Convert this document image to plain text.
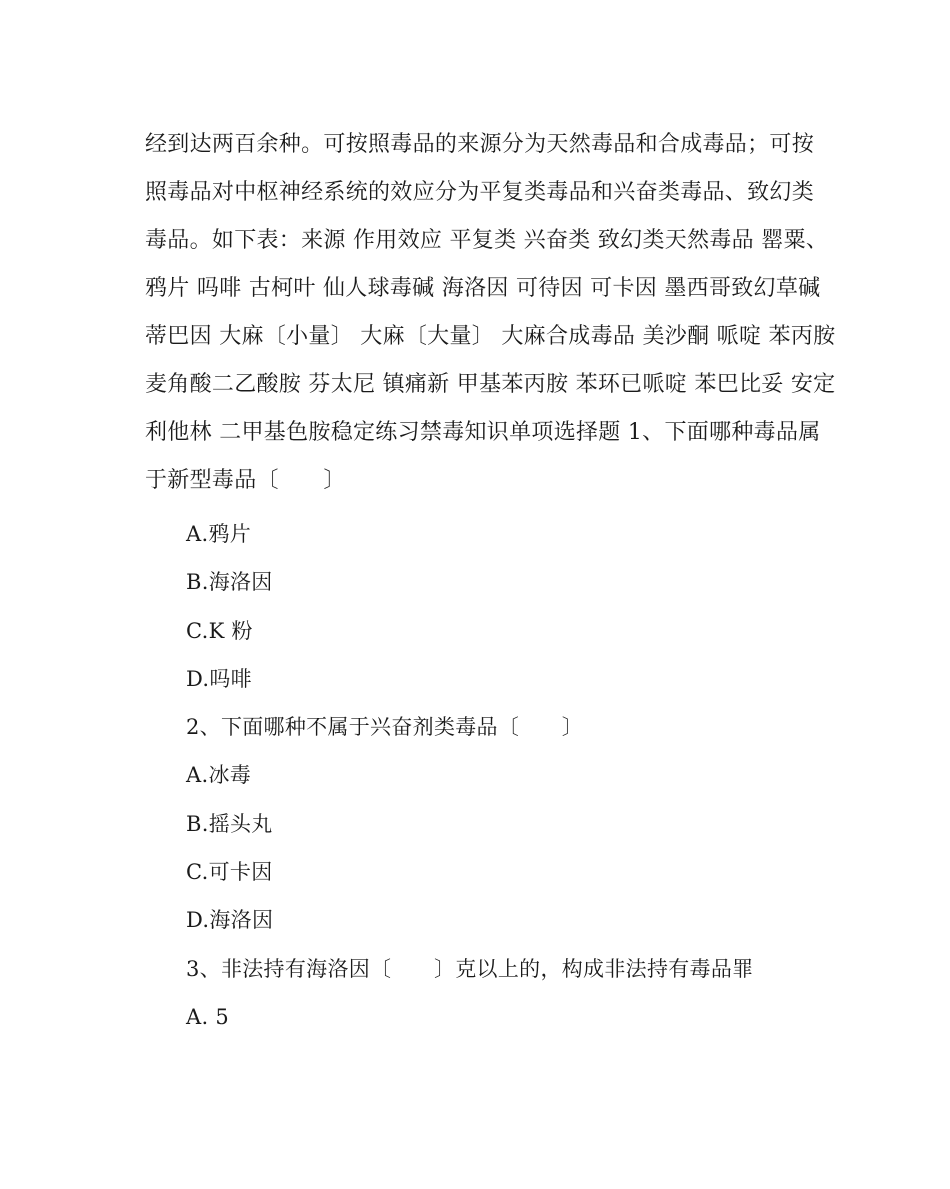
经到达两百余种。可按照毒品的来源分为天然毒品和合成毒品；可按
照毒品对中枢神经系统的效应分为平复类毒品和兴奋类毒品、致幻类
毒品。如下表：来源 作用效应 平复类 兴奋类 致幻类天然毒品 罂粟、
鸦片 吗啡 古柯叶 仙人球毒碱 海洛因 可待因 可卡因 墨西哥致幻草碱
蒂巴因 大麻〔小量〕 大麻〔大量〕 大麻合成毒品 美沙酮 哌啶 苯丙胺
麦角酸二乙酸胺 芬太尼 镇痛新 甲基苯丙胺 苯环已哌啶 苯巴比妥 安定
利他林 二甲基色胺稳定练习禁毒知识单项选择题 1、下面哪种毒品属
于新型毒品〔　　〕
A.鸦片
B.海洛因
C.K 粉
D.吗啡
2、下面哪种不属于兴奋剂类毒品〔　　〕
A.冰毒
B.摇头丸
C.可卡因
D.海洛因
3、非法持有海洛因〔　　〕克以上的，构成非法持有毒品罪
A. 5
